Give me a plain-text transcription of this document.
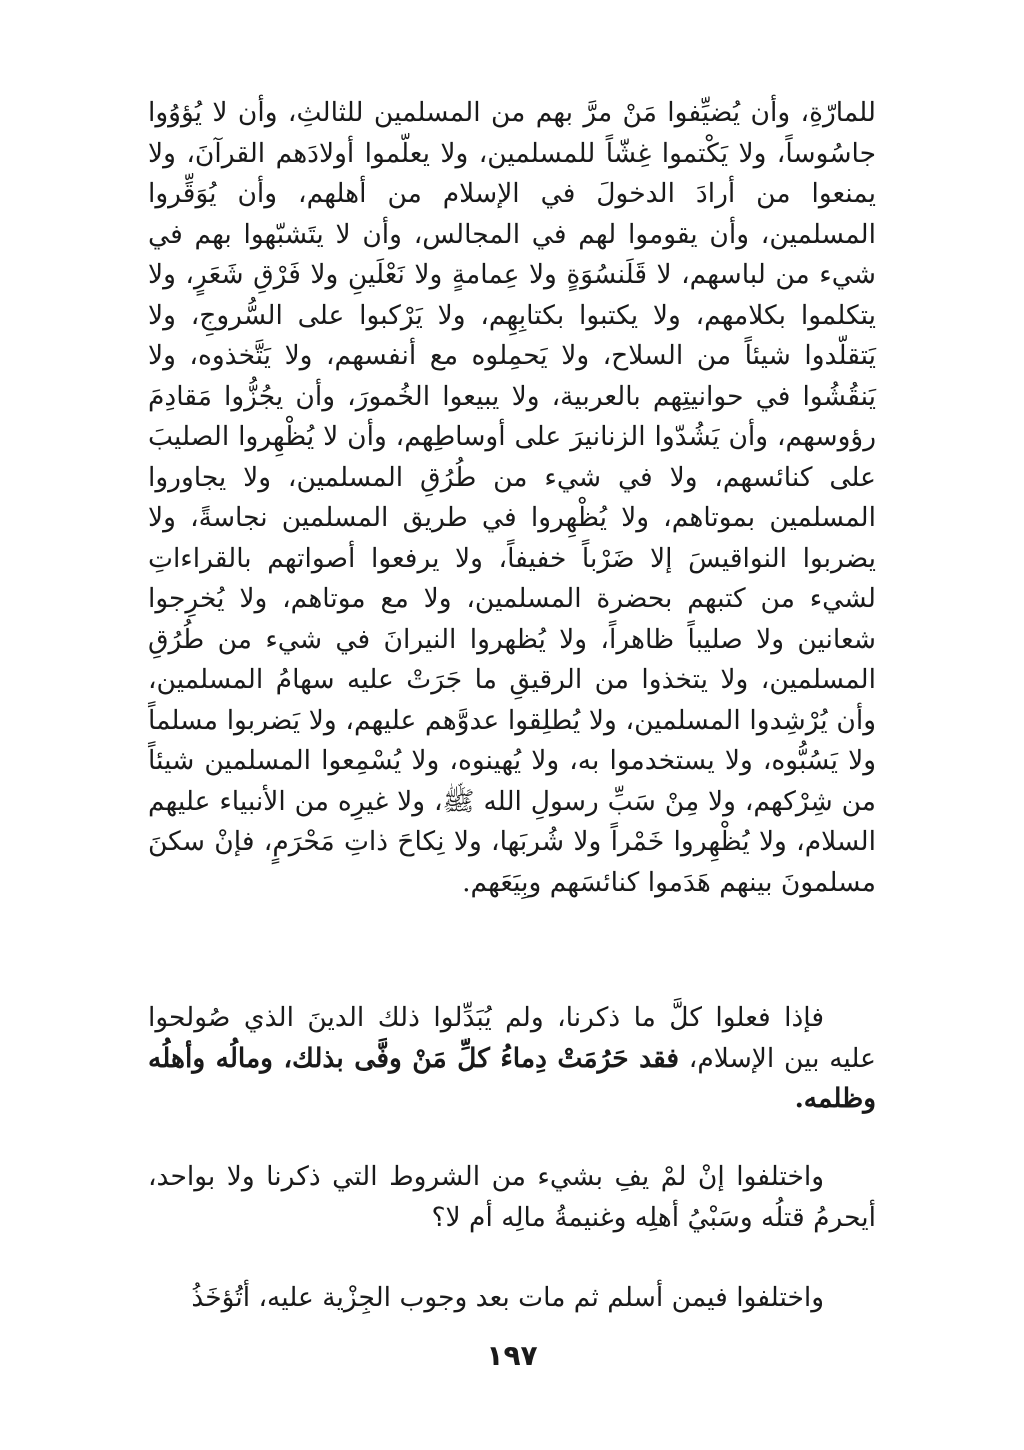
للمارّةِ، وأن يُضيِّفوا مَنْ مرَّ بهم من المسلمين للثالثِ، وأن لا يُؤوُوا جاسُوساً، ولا يَكْتموا غِشّاً للمسلمين، ولا يعلّموا أولادَهم القرآنَ، ولا يمنعوا من أرادَ الدخولَ في الإسلام من أهلهم، وأن يُوَقِّروا المسلمين، وأن يقوموا لهم في المجالس، وأن لا يتَشبّهوا بهم في شيء من لباسهم، لا قَلَنسُوَةٍ ولا عِمامةٍ ولا نَعْلَينِ ولا فَرْقِ شَعَرٍ، ولا يتكلموا بكلامهم، ولا يكتبوا بكتابِهِم، ولا يَرْكبوا على السُّروجِ، ولا يَتقلّدوا شيئاً من السلاح، ولا يَحمِلوه مع أنفسهم، ولا يَتَّخذوه، ولا يَنقُشُوا في حوانيتِهم بالعربية، ولا يبيعوا الخُمورَ، وأن يجُزُّوا مَقادِمَ رؤوسهم، وأن يَشُدّوا الزنانيرَ على أوساطِهم، وأن لا يُظْهِروا الصليبَ على كنائسهم، ولا في شيء من طُرُقِ المسلمين، ولا يجاوروا المسلمين بموتاهم، ولا يُظْهِروا في طريق المسلمين نجاسةً، ولا يضربوا النواقيسَ إلا ضَرْباً خفيفاً، ولا يرفعوا أصواتهم بالقراءاتِ لشيء من كتبهم بحضرة المسلمين، ولا مع موتاهم، ولا يُخرِجوا شعانين ولا صليباً ظاهراً، ولا يُظهروا النيرانَ في شيء من طُرُقِ المسلمين، ولا يتخذوا من الرقيقِ ما جَرَتْ عليه سهامُ المسلمين، وأن يُرْشِدوا المسلمين، ولا يُطلِقوا عدوَّهم عليهم، ولا يَضربوا مسلماً ولا يَسُبُّوه، ولا يستخدموا به، ولا يُهينوه، ولا يُسْمِعوا المسلمين شيئاً من شِرْكهم، ولا مِنْ سَبِّ رسولِ الله ﷺ، ولا غيرِه من الأنبياء عليهم السلام، ولا يُظْهِروا خَمْراً ولا شُربَها، ولا نِكاحَ ذاتِ مَحْرَمٍ، فإنْ سكنَ مسلمونَ بينهم هَدَموا كنائسَهم وبِيَعَهم.

فإذا فعلوا كلَّ ما ذكرنا، ولم يُبَدِّلوا ذلك الدينَ الذي صُولحوا عليه بين الإسلام، فقد حَرُمَتْ دِماءُ كلِّ مَنْ وفَّى بذلك، ومالُه وأهلُه وظلمه.

واختلفوا إنْ لمْ يفِ بشيء من الشروط التي ذكرنا ولا بواحد، أيحرمُ قتلُه وسَبْيُ أهلِه وغنيمةُ مالِه أم لا؟

واختلفوا فيمن أسلم ثم مات بعد وجوب الجِزْية عليه، أتُؤخَذُ

١٩٧
